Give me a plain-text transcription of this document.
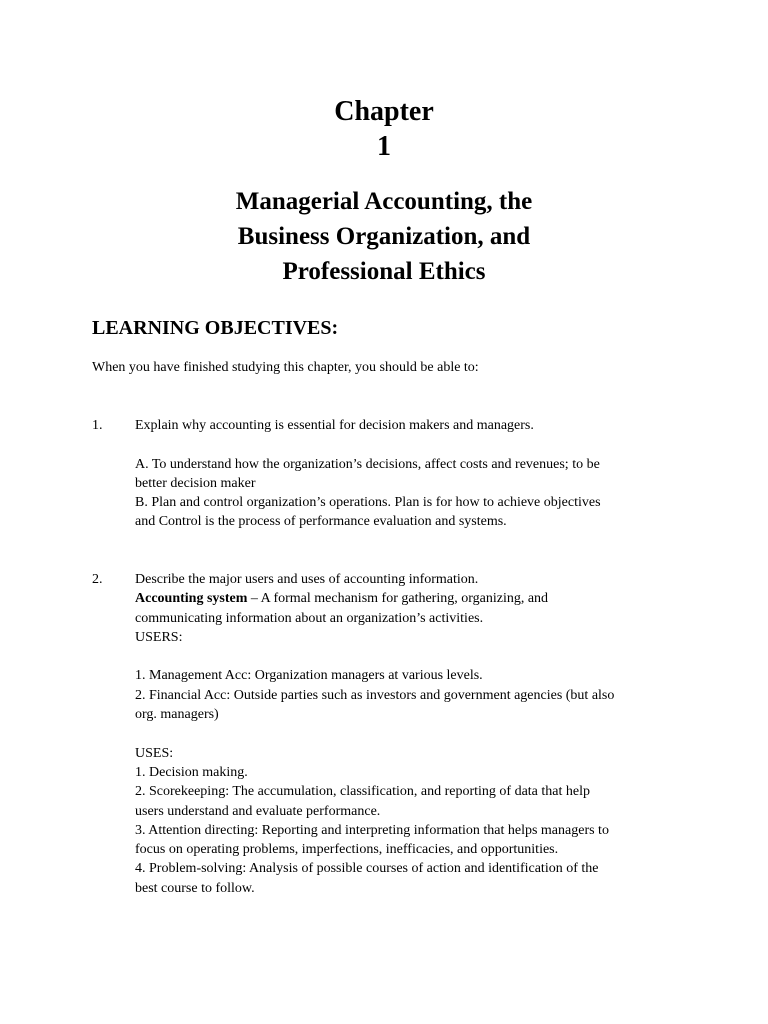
Chapter
1
Managerial Accounting, the
Business Organization, and
Professional Ethics
LEARNING OBJECTIVES:
When you have finished studying this chapter, you should be able to:
1. Explain why accounting is essential for decision makers and managers.

A. To understand how the organization’s decisions, affect costs and revenues; to be

better decision maker

B. Plan and control organization’s operations. Plan is for how to achieve objectives

and Control is the process of performance evaluation and systems.

2. Describe the major users and uses of accounting information.

Accounting system – A formal mechanism for gathering, organizing, and

communicating information about an organization’s activities.

USERS:

1. Management Acc: Organization managers at various levels.

2. Financial Acc: Outside parties such as investors and government agencies (but also

org. managers)

USES:

1. Decision making.

2. Scorekeeping: The accumulation, classification, and reporting of data that help

users understand and evaluate performance.

3. Attention directing: Reporting and interpreting information that helps managers to

focus on operating problems, imperfections, inefficacies, and opportunities.

4. Problem-solving: Analysis of possible courses of action and identification of the

best course to follow.
